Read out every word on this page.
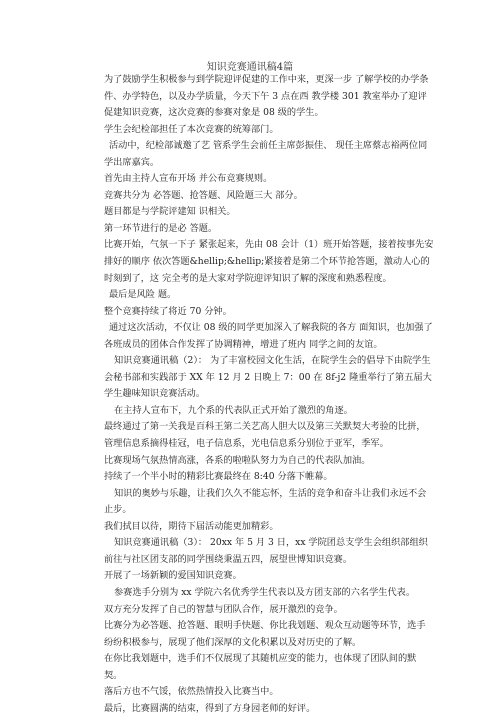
知识竞赛通讯稿4篇

为了鼓励学生积极参与到学院迎评促建的工作中来，更深一步 了解学校的办学条件、办学特色，以及办学质量，今天下午 3 点在西 教学楼 301 教室举办了迎评促建知识竞赛，这次竞赛的参赛对象是 08 级的学生。

学生会纪检部担任了本次竞赛的统筹部门。

活动中，纪检部诚邀了艺 管系学生会前任主席彭振佳、 现任主席蔡志裕两位同学出席嘉宾。

首先由主持人宣布开场 并公布竞赛规则。

竞赛共分为 必答题、抢答题、风险题三大 部分。

题目都是与学院评建知 识相关。

第一环节进行的是必 答题。

比赛开始，气氛一下子 紧张起来，先由 08 会计（1）班开始答题，接着按事先安排好的顺序 依次答题&hellip;&hellip;紧接着是第二个环节抢答题，激动人心的时刻到了，这 完全考的是大家对学院迎评知识了解的深度和熟悉程度。

最后是风险 题。

整个竞赛持续了将近 70 分钟。

通过这次活动，不仅让 08 级的同学更加深入了解我院的各方 面知识，也加强了各班成员的团体合作发挥了协调精神，增进了班内 同学之间的友谊。

知识竞赛通讯稿（2）： 为了丰富校园文化生活，在院学生会的倡导下由院学生会秘书部和实践部于 XX 年 12 月 2 日晚上 7：00 在 8f-j2 隆重举行了第五届大学生趣味知识竞赛活动。

在主持人宣布下，九个系的代表队正式开始了激烈的角逐。

最终通过了第一关我是百科王第二关艺高人胆大以及第三关默契大考验的比拼，管理信息系摘得桂冠，电子信息系，光电信息系分别位于亚军，季军。

比赛现场气氛热情高涨，各系的啦啦队努力为自己的代表队加油。

持续了一个半小时的精彩比赛最终在 8:40 分落下帷幕。

知识的奥妙与乐趣，让我们久久不能忘怀，生活的竞争和奋斗让我们永远不会止步。

我们拭目以待，期待下届活动能更加精彩。

知识竞赛通讯稿（3）： 20xx 年 5 月 3 日，xx 学院团总支学生会组织部组织前往与社区团支部的同学围绕秉温五四，展望世博知识竞赛。

开展了一场新颖的爱国知识竞赛。

参赛选手分别为 xx 学院六名优秀学生代表以及方团支部的六名学生代表。

双方充分发挥了自己的智慧与团队合作，展开激烈的竞争。

比赛分为必答题、抢答题、眼明手快题、你比我划题、观众互动题等环节，选手纷纷积极参与，展现了他们深厚的文化积累以及对历史的了解。

在你比我划题中，选手们不仅展现了其随机应变的能力，也体现了团队间的默契。

落后方也不气馁，依然热情投入比赛当中。

最后，比赛圆满的结束，得到了方身园老师的好评。
